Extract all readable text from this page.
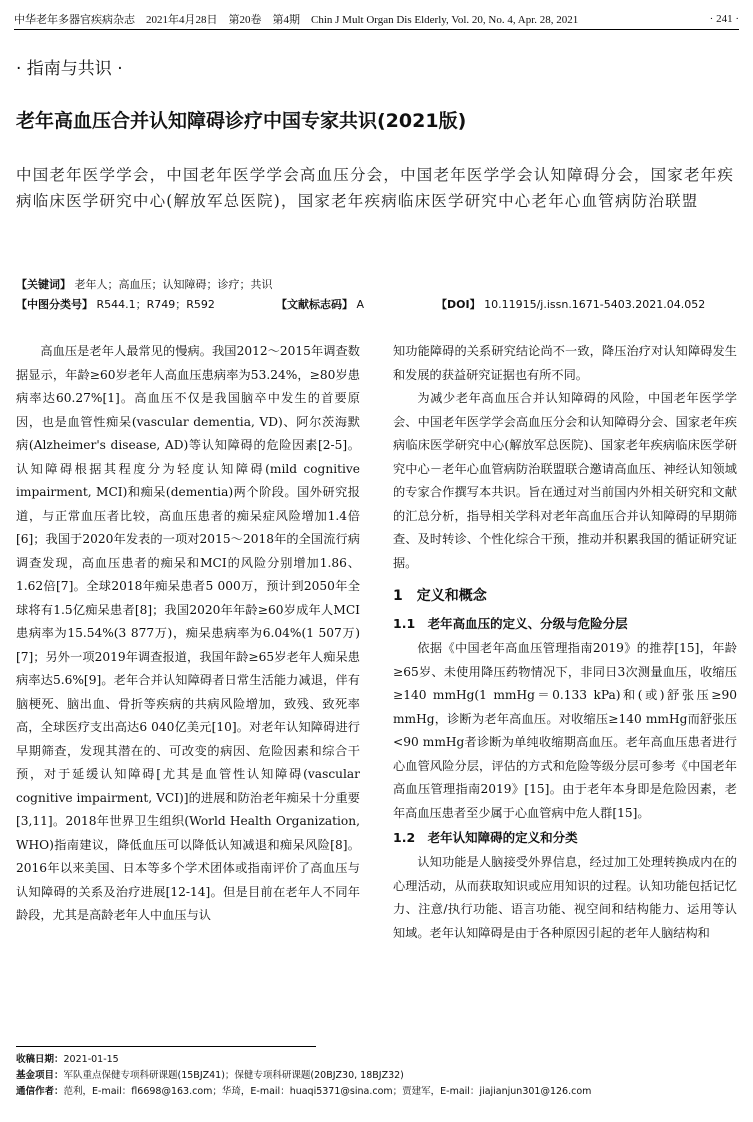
中华老年多器官疾病杂志　2021年4月28日　第20卷　第4期　Chin J Mult Organ Dis Elderly, Vol. 20, No. 4, Apr. 28, 2021	· 241 ·
· 指南与共识 ·
老年高血压合并认知障碍诊疗中国专家共识(2021版)
中国老年医学学会，中国老年医学学会高血压分会，中国老年医学学会认知障碍分会，国家老年疾病临床医学研究中心(解放军总医院)，国家老年疾病临床医学研究中心老年心血管病防治联盟
【关键词】 老年人；高血压；认知障碍；诊疗；共识
【中图分类号】 R544.1；R749；R592	【文献标志码】 A	【DOI】 10.11915/j.issn.1671-5403.2021.04.052

高血压是老年人最常见的慢病。我国2012～2015年调查数据显示，年龄≥60岁老年人高血压患病率为53.24%，≥80岁患病率达60.27%[1]。高血压不仅是我国脑卒中发生的首要原因，也是血管性痴呆(vascular dementia, VD)、阿尔茨海默病(Alzheimer's disease, AD)等认知障碍的危险因素[2-5]。认知障碍根据其程度分为轻度认知障碍(mild cognitive impairment, MCI)和痴呆(dementia)两个阶段。国外研究报道，与正常血压者比较，高血压患者的痴呆症风险增加1.4倍[6]；我国于2020年发表的一项对2015～2018年的全国流行病调查发现，高血压患者的痴呆和MCI的风险分别增加1.86、1.62倍[7]。全球2018年痴呆患者5 000万，预计到2050年全球将有1.5亿痴呆患者[8]；我国2020年年龄≥60岁成年人MCI患病率为15.54%(3 877万)，痴呆患病率为6.04%(1 507万)[7]；另外一项2019年调查报道，我国年龄≥65岁老年人痴呆患病率达5.6%[9]。老年合并认知障碍者日常生活能力减退，伴有脑梗死、脑出血、骨折等疾病的共病风险增加，致残、致死率高，全球医疗支出高达6 040亿美元[10]。对老年认知障碍进行早期筛查，发现其潜在的、可改变的病因、危险因素和综合干预，对于延缓认知障碍[尤其是血管性认知障碍(vascular cognitive impairment, VCI)]的进展和防治老年痴呆十分重要[3,11]。2018年世界卫生组织(World Health Organization, WHO)指南建议，降低血压可以降低认知减退和痴呆风险[8]。2016年以来美国、日本等多个学术团体或指南评价了高血压与认知障碍的关系及治疗进展[12-14]。但是目前在老年人不同年龄段，尤其是高龄老年人中血压与认

知功能障碍的关系研究结论尚不一致，降压治疗对认知障碍发生和发展的获益研究证据也有所不同。

为减少老年高血压合并认知障碍的风险，中国老年医学学会、中国老年医学学会高血压分会和认知障碍分会、国家老年疾病临床医学研究中心(解放军总医院)、国家老年疾病临床医学研究中心－老年心血管病防治联盟联合邀请高血压、神经认知领域的专家合作撰写本共识。旨在通过对当前国内外相关研究和文献的汇总分析，指导相关学科对老年高血压合并认知障碍的早期筛查、及时转诊、个性化综合干预，推动并积累我国的循证研究证据。

1　定义和概念
1.1　老年高血压的定义、分级与危险分层

依据《中国老年高血压管理指南2019》的推荐[15]，年龄≥65岁、未使用降压药物情况下，非同日3次测量血压，收缩压≥140 mmHg(1 mmHg＝0.133 kPa)和(或)舒张压≥90 mmHg，诊断为老年高血压。对收缩压≥140 mmHg而舒张压<90 mmHg者诊断为单纯收缩期高血压。老年高血压患者进行心血管风险分层，评估的方式和危险等级分层可参考《中国老年高血压管理指南2019》[15]。由于老年本身即是危险因素，老年高血压患者至少属于心血管病中危人群[15]。

1.2　老年认知障碍的定义和分类

认知功能是人脑接受外界信息，经过加工处理转换成内在的心理活动，从而获取知识或应用知识的过程。认知功能包括记忆力、注意/执行功能、语言功能、视空间和结构能力、运用等认知域。老年认知障碍是由于各种原因引起的老年人脑结构和

收稿日期：2021-01-15
基金项目：军队重点保健专项科研课题(15BJZ41)；保健专项科研课题(20BJZ30, 18BJZ32)
通信作者：范利，E-mail：fl6698@163.com；华琦，E-mail：huaqi5371@sina.com；贾建军，E-mail：jiajianjun301@126.com
